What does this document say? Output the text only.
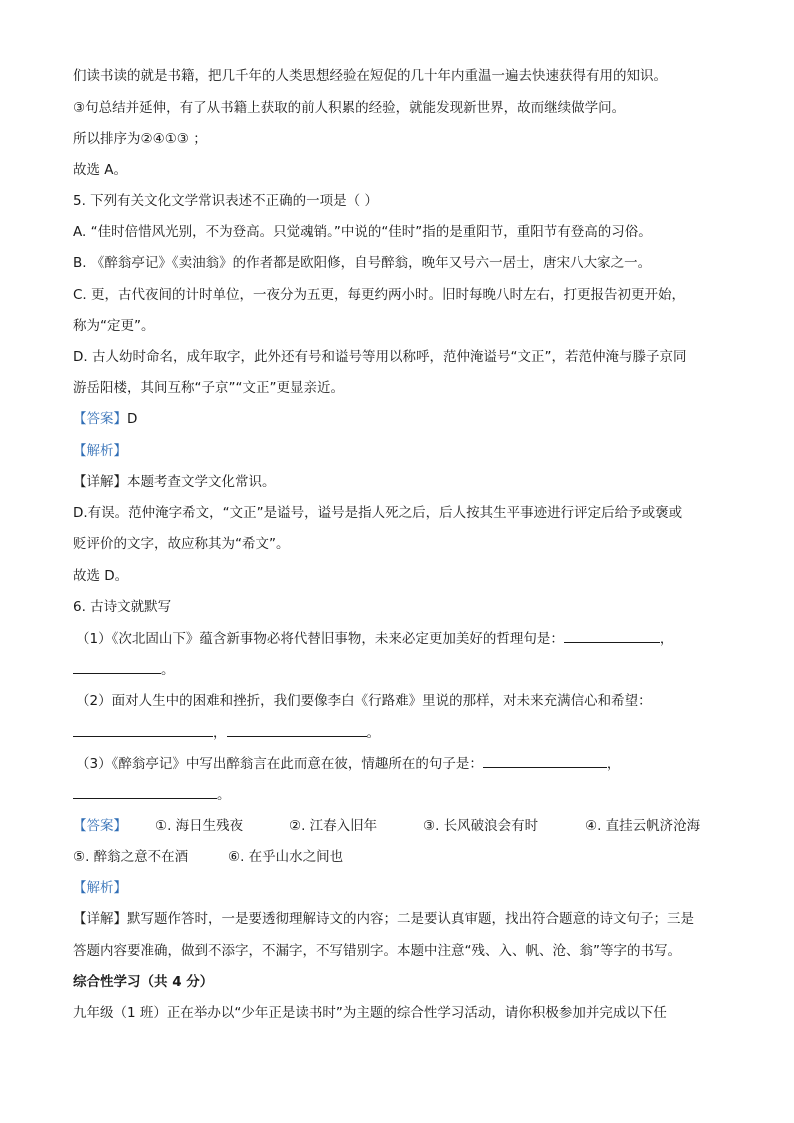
们读书读的就是书籍，把几千年的人类思想经验在短促的几十年内重温一遍去快速获得有用的知识。
③句总结并延伸，有了从书籍上获取的前人积累的经验，就能发现新世界，故而继续做学问。
所以排序为②④①③ ；
故选 A。
5. 下列有关文化文学常识表述不正确的一项是（ ）
A. “佳时倍惜风光别，不为登高。只觉魂销。”中说的“佳时”指的是重阳节，重阳节有登高的习俗。
B. 《醉翁亭记》《卖油翁》的作者都是欧阳修，自号醉翁，晚年又号六一居士，唐宋八大家之一。
C. 更，古代夜间的计时单位，一夜分为五更，每更约两小时。旧时每晚八时左右，打更报告初更开始，
称为“定更”。
D. 古人幼时命名，成年取字，此外还有号和谥号等用以称呼，范仲淹谥号“文正”，若范仲淹与滕子京同
游岳阳楼，其间互称“子京”“文正”更显亲近。
【答案】D
【解析】
【详解】本题考查文学文化常识。
D.有误。范仲淹字希文，“文正”是谥号，谥号是指人死之后，后人按其生平事迹进行评定后给予或褒或
贬评价的文字，故应称其为“希文”。
故选 D。
6. 古诗文就默写
（1）《次北固山下》蕴含新事物必将代替旧事物，未来必定更加美好的哲理句是：	，
。
（2）面对人生中的困难和挫折，我们要像李白《行路难》里说的那样，对未来充满信心和希望：
，	。
（3）《醉翁亭记》中写出醉翁言在此而意在彼，情趣所在的句子是：	，
。
【答案】 ①. 海日生残夜	②. 江春入旧年	③. 长风破浪会有时	④. 直挂云帆济沧海
⑤. 醉翁之意不在酒	⑥. 在乎山水之间也
【解析】
【详解】默写题作答时，一是要透彻理解诗文的内容；二是要认真审题，找出符合题意的诗文句子；三是
答题内容要准确，做到不添字，不漏字，不写错别字。本题中注意“残、入、帆、沧、翁”等字的书写。
综合性学习（共 4 分）
九年级（1 班）正在举办以“少年正是读书时”为主题的综合性学习活动，请你积极参加并完成以下任
